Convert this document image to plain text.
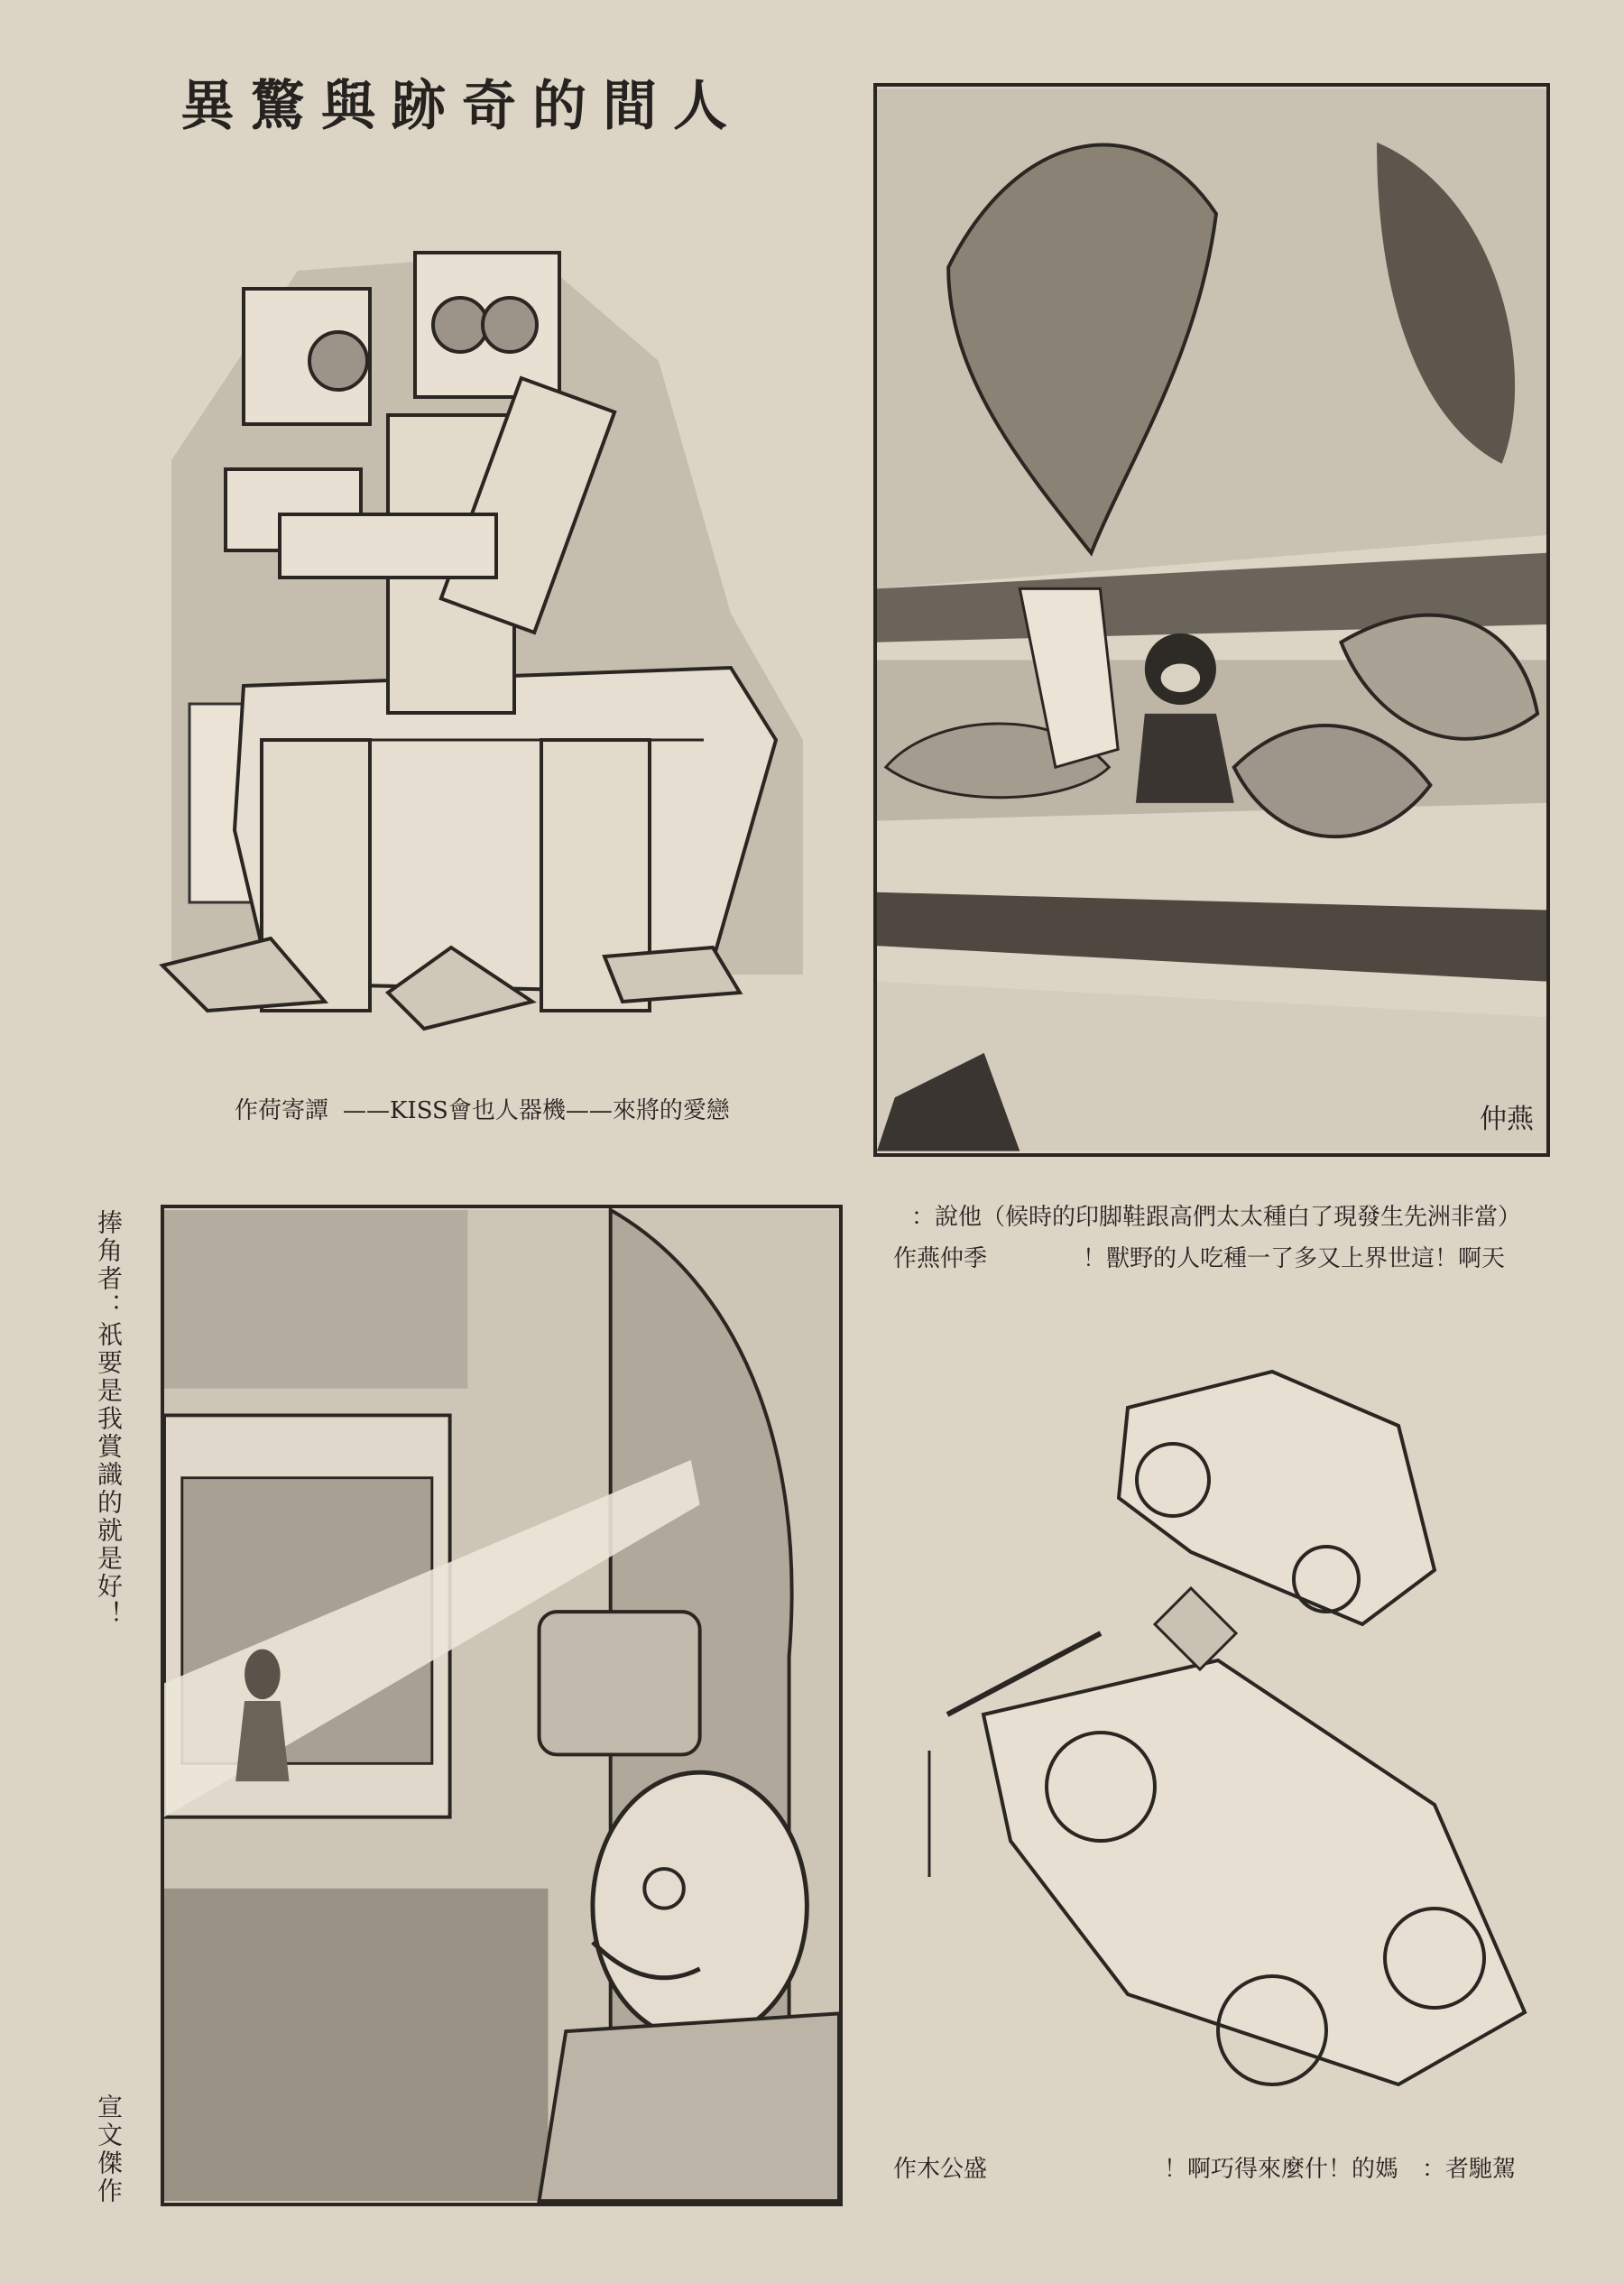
異驚與跡奇的間人
作荷寄譚 ——KISS會也人器機——來將的愛戀	仲燕
：說他（候時的印脚鞋跟高們太太種白了現發生先洲非當）
作燕仲季	！獸野的人吃種一了多又上界世這！啊天
捧角者：祇要是我賞識的就是好！
宣文傑作	作木公盛	！啊巧得來麼什！的媽　：者馳駕
